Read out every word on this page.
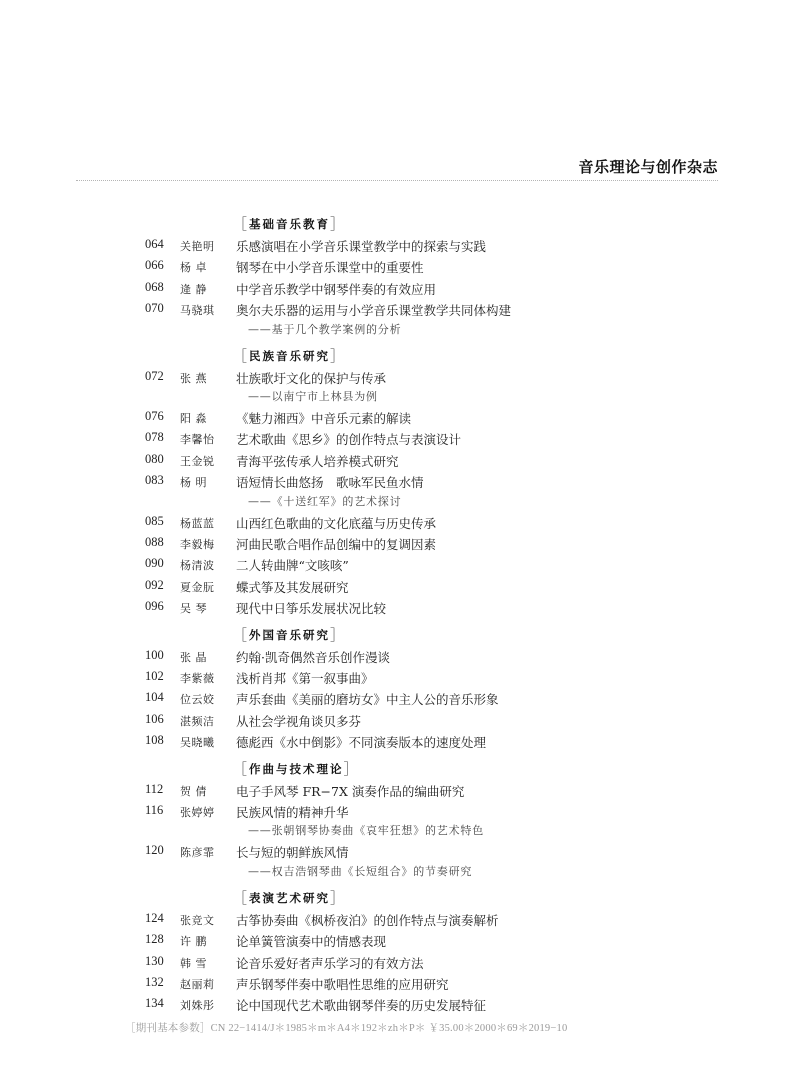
音乐理论与创作杂志
［ 基础音乐教育］
064	关艳明	乐感演唱在小学音乐课堂教学中的探索与实践
066	杨 卓	钢琴在中小学音乐课堂中的重要性
068	逄 静	中学音乐教学中钢琴伴奏的有效应用
070	马骁琪	奥尔夫乐器的运用与小学音乐课堂教学共同体构建
——基于几个教学案例的分析
［ 民族音乐研究］
072	张 燕	壮族歌圩文化的保护与传承
——以南宁市上林县为例
076	阳 淼	《魅力湘西》中音乐元素的解读
078	李馨怡	艺术歌曲《思乡》的创作特点与表演设计
080	王金锐	青海平弦传承人培养模式研究
083	杨 明	语短情长曲悠扬　歌咏军民鱼水情
——《十送红军》的艺术探讨
085	杨蓝蓝	山西红色歌曲的文化底蕴与历史传承
088	李毅梅	河曲民歌合唱作品创编中的复调因素
090	杨清波	二人转曲牌“文咳咳”
092	夏金朊	蝶式筝及其发展研究
096	吴 琴	现代中日筝乐发展状况比较
［ 外国音乐研究］
100	张 晶	约翰·凯奇偶然音乐创作漫谈
102	李紫薇	浅析肖邦《第一叙事曲》
104	位云姣	声乐套曲《美丽的磨坊女》中主人公的音乐形象
106	湛频洁	从社会学视角谈贝多芬
108	吴晓曦	德彪西《水中倒影》不同演奏版本的速度处理
［ 作曲与技术理论］
112	贺 倩	电子手风琴 FR−7X 演奏作品的编曲研究
116	张婷婷	民族风情的精神升华
——张朝钢琴协奏曲《哀牢狂想》的艺术特色
120	陈彦霏	长与短的朝鲜族风情
——权吉浩钢琴曲《长短组合》的节奏研究
［ 表演艺术研究］
124	张竞文	古筝协奏曲《枫桥夜泊》的创作特点与演奏解析
128	许 鹏	论单簧管演奏中的情感表现
130	韩 雪	论音乐爱好者声乐学习的有效方法
132	赵丽莉	声乐钢琴伴奏中歌唱性思维的应用研究
134	刘姝彤	论中国现代艺术歌曲钢琴伴奏的历史发展特征
［期刊基本参数］CN 22−1414/J＊1985＊m＊A4＊192＊zh＊P＊ ￥35.00＊2000＊69＊2019−10
